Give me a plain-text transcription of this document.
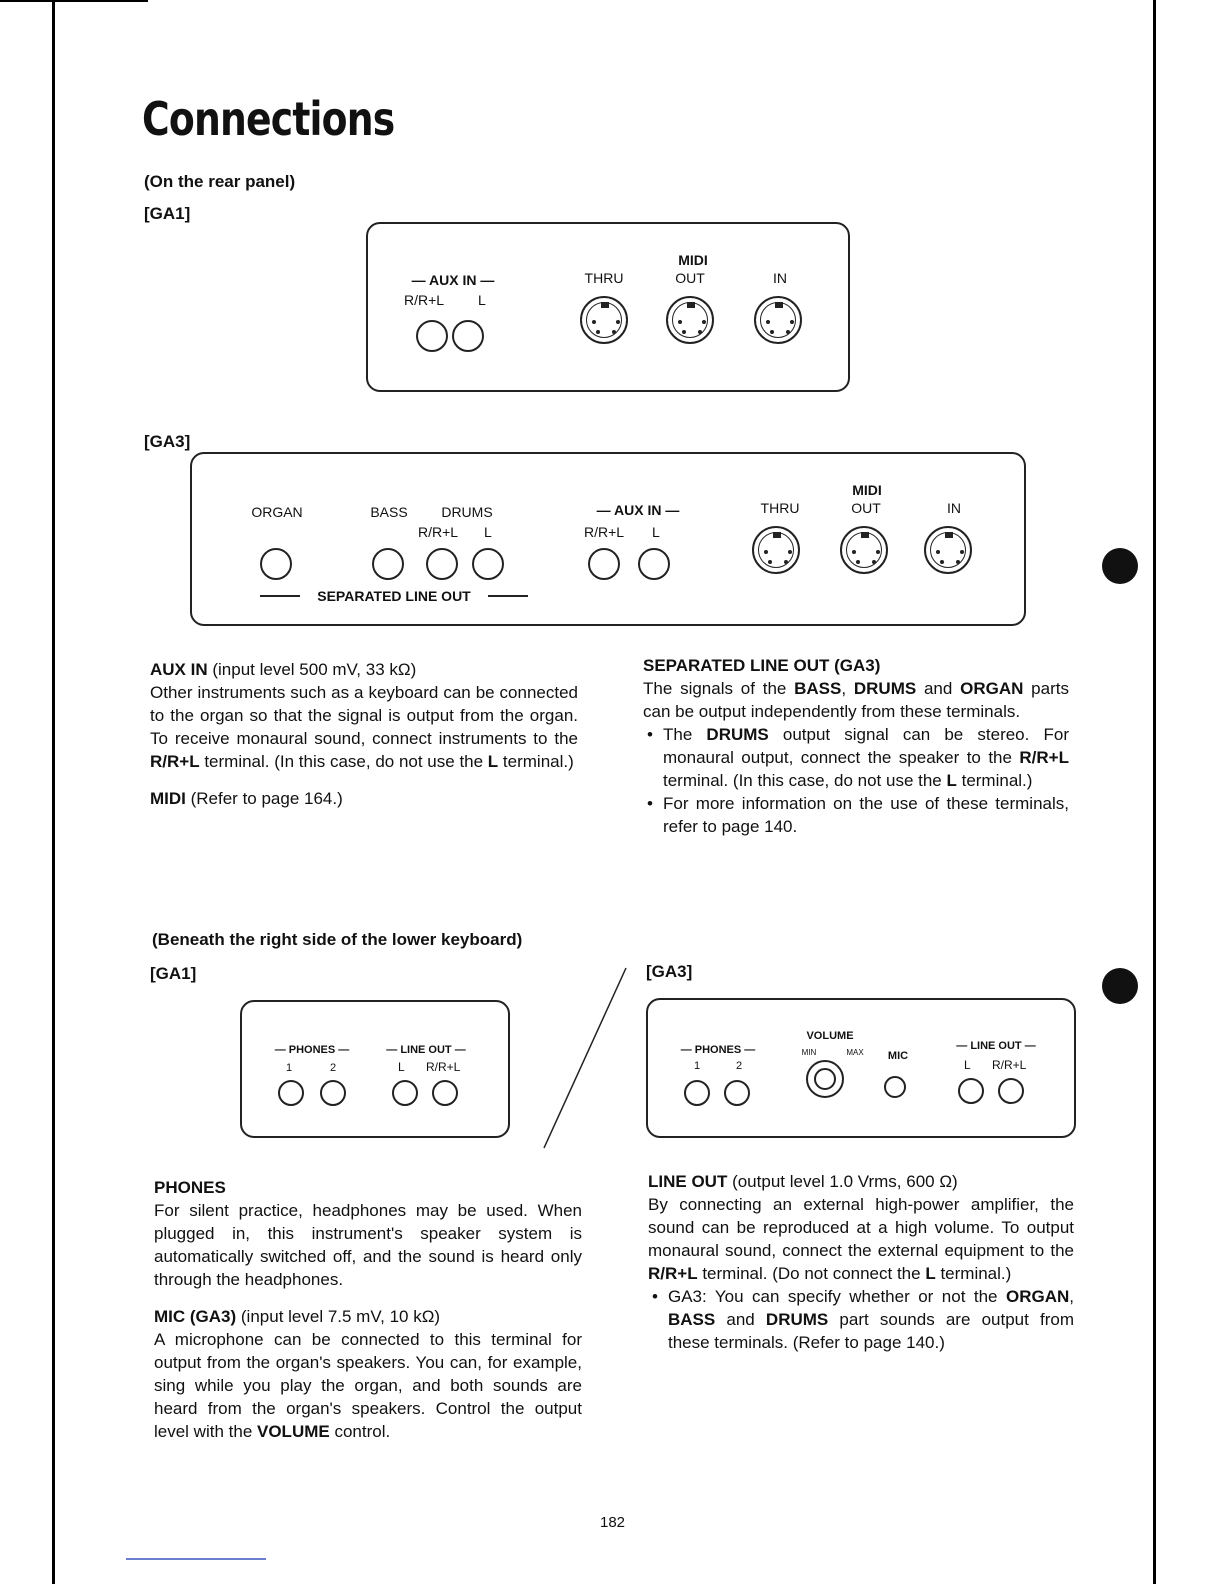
Connections
(On the rear panel)
[GA1]
— AUX IN —
R/R+L L
MIDI
THRU	OUT	IN
[GA3]
ORGAN	BASS	DRUMS
R/R+L L
SEPARATED LINE OUT
— AUX IN —
R/R+L L
MIDI
THRU	OUT	IN

AUX IN (input level 500 mV, 33 kΩ)

Other instruments such as a keyboard can be connected to the organ so that the signal is output from the organ. To receive monaural sound, connect instruments to the R/R+L terminal. (In this case, do not use the L terminal.)

MIDI (Refer to page 164.)

SEPARATED LINE OUT (GA3)

The signals of the BASS, DRUMS and ORGAN parts can be output independently from these terminals.

• The DRUMS output signal can be stereo. For monaural output, connect the speaker to the R/R+L terminal. (In this case, do not use the L terminal.)

• For more information on the use of these terminals, refer to page 140.

(Beneath the right side of the lower keyboard)
[GA1]	[GA3]
— PHONES —
1	2
— LINE OUT —
L R/R+L
— PHONES —
1	2
VOLUME
MIN	MAX	MIC
— LINE OUT —
L R/R+L

PHONES

For silent practice, headphones may be used. When plugged in, this instrument's speaker system is automatically switched off, and the sound is heard only through the headphones.

MIC (GA3) (input level 7.5 mV, 10 kΩ)

A microphone can be connected to this terminal for output from the organ's speakers. You can, for example, sing while you play the organ, and both sounds are heard from the organ's speakers. Control the output level with the VOLUME control.

LINE OUT (output level 1.0 Vrms, 600 Ω)

By connecting an external high-power amplifier, the sound can be reproduced at a high volume. To output monaural sound, connect the external equipment to the R/R+L terminal. (Do not connect the L terminal.)

• GA3: You can specify whether or not the ORGAN, BASS and DRUMS part sounds are output from these terminals. (Refer to page 140.)

182
